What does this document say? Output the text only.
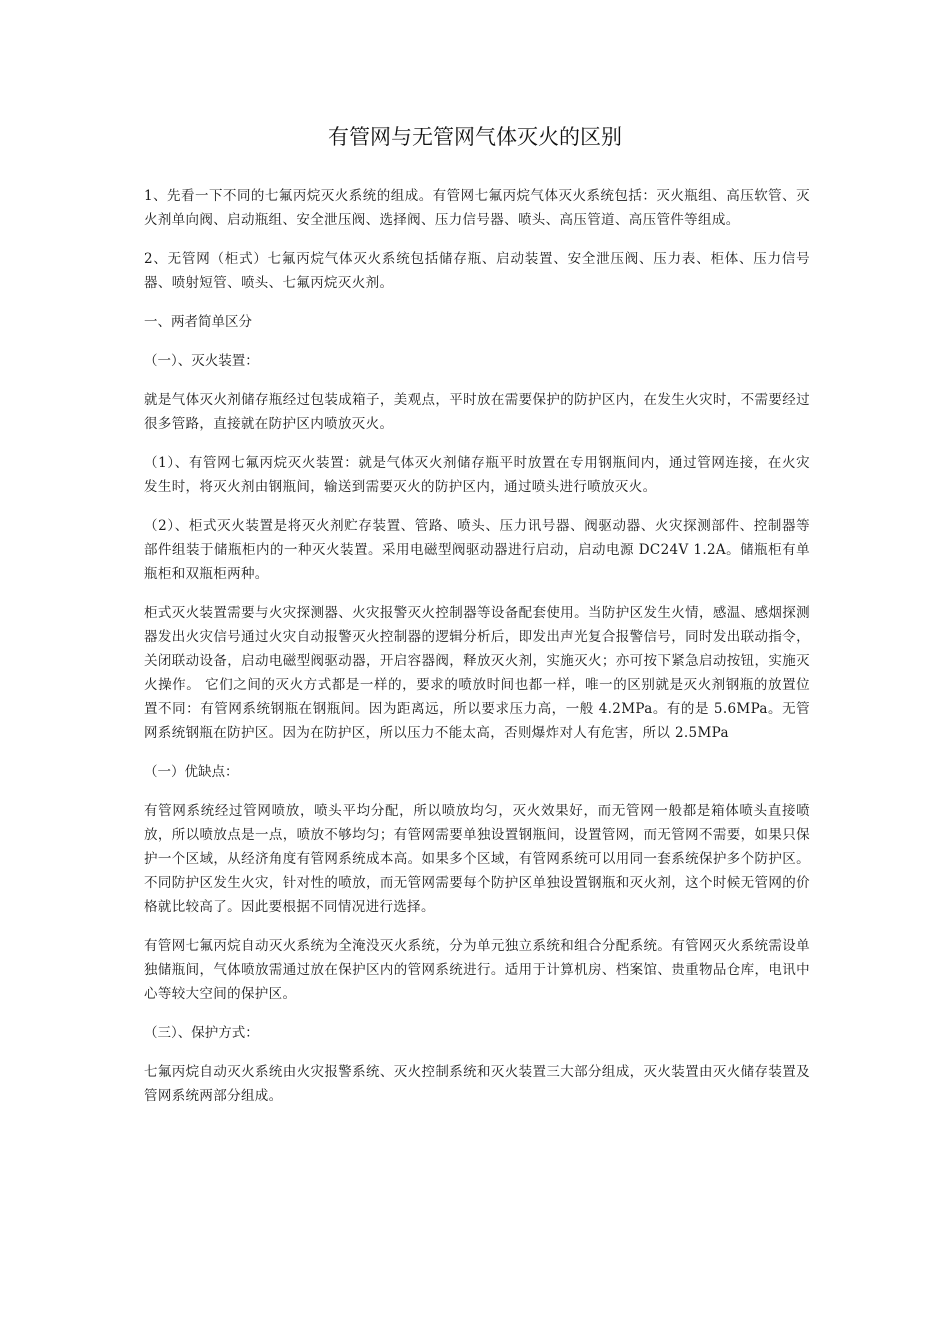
有管网与无管网气体灭火的区别

1、先看一下不同的七氟丙烷灭火系统的组成。有管网七氟丙烷气体灭火系统包括：灭火瓶组、高压软管、灭火剂单向阀、启动瓶组、安全泄压阀、选择阀、压力信号器、喷头、高压管道、高压管件等组成。

2、无管网（柜式）七氟丙烷气体灭火系统包括储存瓶、启动装置、安全泄压阀、压力表、柜体、压力信号器、喷射短管、喷头、七氟丙烷灭火剂。

一、两者简单区分

（一）、灭火装置：

就是气体灭火剂储存瓶经过包装成箱子，美观点，平时放在需要保护的防护区内，在发生火灾时，不需要经过很多管路，直接就在防护区内喷放灭火。

（1）、有管网七氟丙烷灭火装置：就是气体灭火剂储存瓶平时放置在专用钢瓶间内，通过管网连接，在火灾发生时，将灭火剂由钢瓶间，输送到需要灭火的防护区内，通过喷头进行喷放灭火。

（2）、柜式灭火装置是将灭火剂贮存装置、管路、喷头、压力讯号器、阀驱动器、火灾探测部件、控制器等部件组装于储瓶柜内的一种灭火装置。采用电磁型阀驱动器进行启动，启动电源 DC24V 1.2A。储瓶柜有单瓶柜和双瓶柜两种。

柜式灭火装置需要与火灾探测器、火灾报警灭火控制器等设备配套使用。当防护区发生火情，感温、感烟探测器发出火灾信号通过火灾自动报警灭火控制器的逻辑分析后，即发出声光复合报警信号，同时发出联动指令，关闭联动设备，启动电磁型阀驱动器，开启容器阀，释放灭火剂，实施灭火；亦可按下紧急启动按钮，实施灭火操作。 它们之间的灭火方式都是一样的，要求的喷放时间也都一样，唯一的区别就是灭火剂钢瓶的放置位置不同：有管网系统钢瓶在钢瓶间。因为距离远，所以要求压力高，一般 4.2MPa。有的是 5.6MPa。无管网系统钢瓶在防护区。因为在防护区，所以压力不能太高，否则爆炸对人有危害，所以 2.5MPa

（一）优缺点：

有管网系统经过管网喷放，喷头平均分配，所以喷放均匀，灭火效果好，而无管网一般都是箱体喷头直接喷放，所以喷放点是一点，喷放不够均匀；有管网需要单独设置钢瓶间，设置管网，而无管网不需要，如果只保护一个区域，从经济角度有管网系统成本高。如果多个区域，有管网系统可以用同一套系统保护多个防护区。不同防护区发生火灾，针对性的喷放，而无管网需要每个防护区单独设置钢瓶和灭火剂，这个时候无管网的价格就比较高了。因此要根据不同情况进行选择。

有管网七氟丙烷自动灭火系统为全淹没灭火系统，分为单元独立系统和组合分配系统。有管网灭火系统需设单独储瓶间，气体喷放需通过放在保护区内的管网系统进行。适用于计算机房、档案馆、贵重物品仓库，电讯中心等较大空间的保护区。

（三）、保护方式：

七氟丙烷自动灭火系统由火灾报警系统、灭火控制系统和灭火装置三大部分组成，灭火装置由灭火储存装置及管网系统两部分组成。
